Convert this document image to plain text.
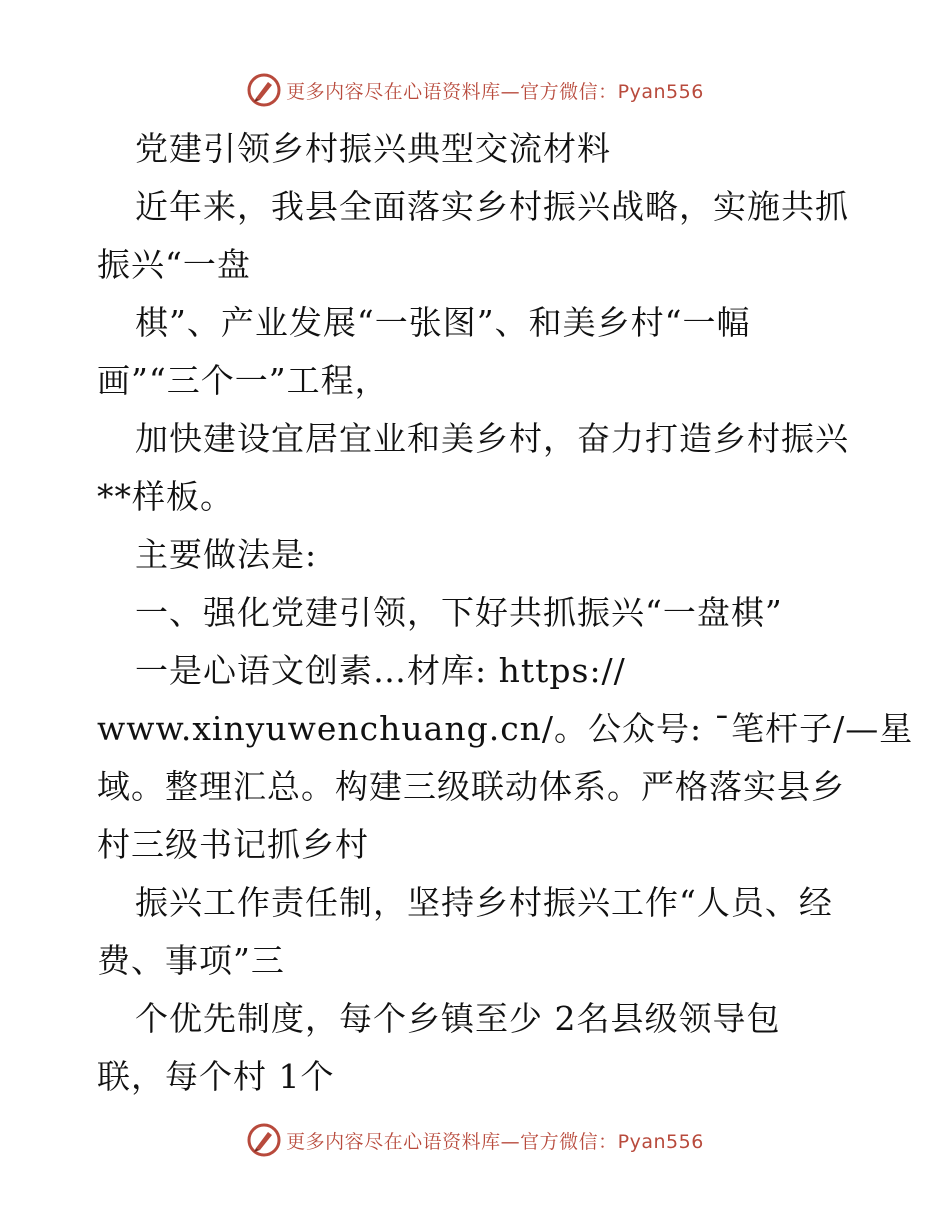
更多内容尽在心语资料库—官方微信：Pyan556
党建引领乡村振兴典型交流材料
近年来，我县全面落实乡村振兴战略，实施共抓
振兴“一盘
棋”、产业发展“一张图”、和美乡村“一幅
画”“三个一”工程，
加快建设宜居宜业和美乡村，奋力打造乡村振兴
**样板。
主要做法是:
一、强化党建引领，下好共抓振兴“一盘棋”
一是心语文创素…材库: https://
www.xinyuwenchuang.cn/。公众号: ¯笔杆子/—星
域。整理汇总。构建三级联动体系。严格落实县乡
村三级书记抓乡村
振兴工作责任制，坚持乡村振兴工作“人员、经
费、事项”三
个优先制度，每个乡镇至少 2名县级领导包
联，每个村 1个
更多内容尽在心语资料库—官方微信：Pyan556
